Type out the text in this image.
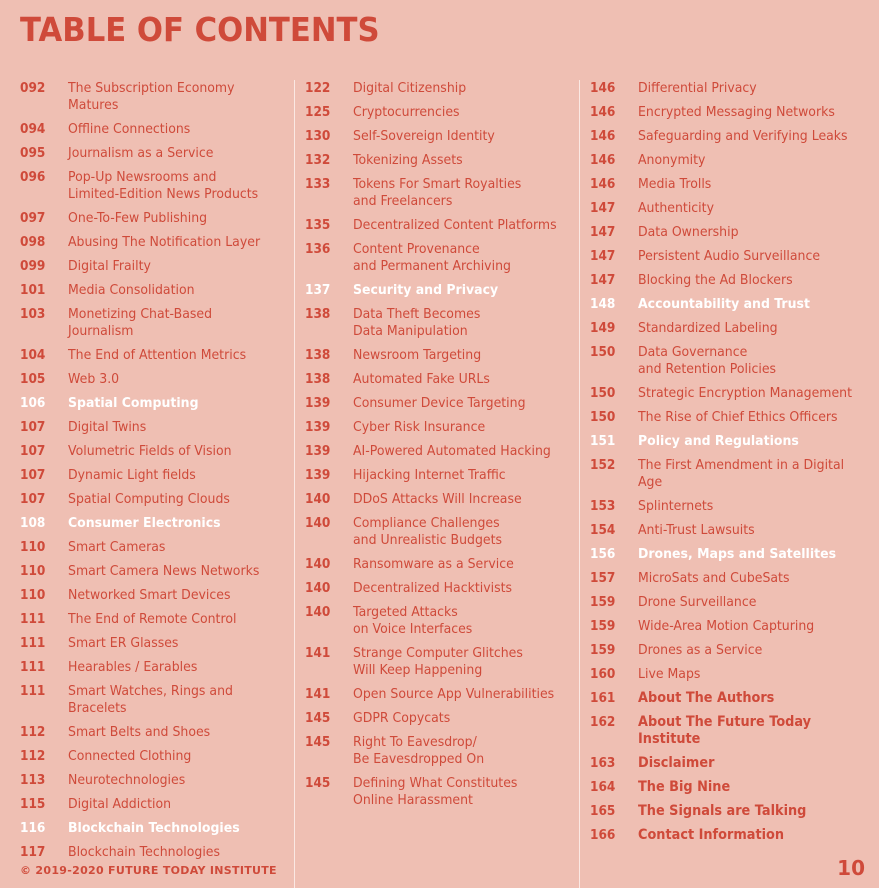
TABLE OF CONTENTS
092	The Subscription Economy Matures
094	Offline Connections
095	Journalism as a Service
096	Pop-Up Newsrooms and
Limited-Edition News Products
097	One-To-Few Publishing
098	Abusing The Notification Layer
099	Digital Frailty
101	Media Consolidation
103	Monetizing Chat-Based Journalism
104	The End of Attention Metrics
105	Web 3.0
106	Spatial Computing
107	Digital Twins
107	Volumetric Fields of Vision
107	Dynamic Light fields
107	Spatial Computing Clouds
108	Consumer Electronics
110	Smart Cameras
110	Smart Camera News Networks
110	Networked Smart Devices
111	The End of Remote Control
111	Smart ER Glasses
111	Hearables / Earables
111	Smart Watches, Rings and Bracelets
112	Smart Belts and Shoes
112	Connected Clothing
113	Neurotechnologies
115	Digital Addiction
116	Blockchain Technologies
117	Blockchain Technologies
122	Digital Citizenship
125	Cryptocurrencies
130	Self-Sovereign Identity
132	Tokenizing Assets
133	Tokens For Smart Royalties
and Freelancers
135	Decentralized Content Platforms
136	Content Provenance
and Permanent Archiving
137	Security and Privacy
138	Data Theft Becomes
Data Manipulation
138	Newsroom Targeting
138	Automated Fake URLs
139	Consumer Device Targeting
139	Cyber Risk Insurance
139	AI-Powered Automated Hacking
139	Hijacking Internet Traffic
140	DDoS Attacks Will Increase
140	Compliance Challenges
and Unrealistic Budgets
140	Ransomware as a Service
140	Decentralized Hacktivists
140	Targeted Attacks
on Voice Interfaces
141	Strange Computer Glitches
Will Keep Happening
141	Open Source App Vulnerabilities
145	GDPR Copycats
145	Right To Eavesdrop/
Be Eavesdropped On
145	Defining What Constitutes
Online Harassment
146	Differential Privacy
146	Encrypted Messaging Networks
146	Safeguarding and Verifying Leaks
146	Anonymity
146	Media Trolls
147	Authenticity
147	Data Ownership
147	Persistent Audio Surveillance
147	Blocking the Ad Blockers
148	Accountability and Trust
149	Standardized Labeling
150	Data Governance
and Retention Policies
150	Strategic Encryption Management
150	The Rise of Chief Ethics Officers
151	Policy and Regulations
152	The First Amendment in a Digital Age
153	Splinternets
154	Anti-Trust Lawsuits
156	Drones, Maps and Satellites
157	MicroSats and CubeSats
159	Drone Surveillance
159	Wide-Area Motion Capturing
159	Drones as a Service
160	Live Maps
161	About The Authors
162	About The Future Today Institute
163	Disclaimer
164	The Big Nine
165	The Signals are Talking
166	Contact Information
© 2019-2020 FUTURE TODAY INSTITUTE	10
